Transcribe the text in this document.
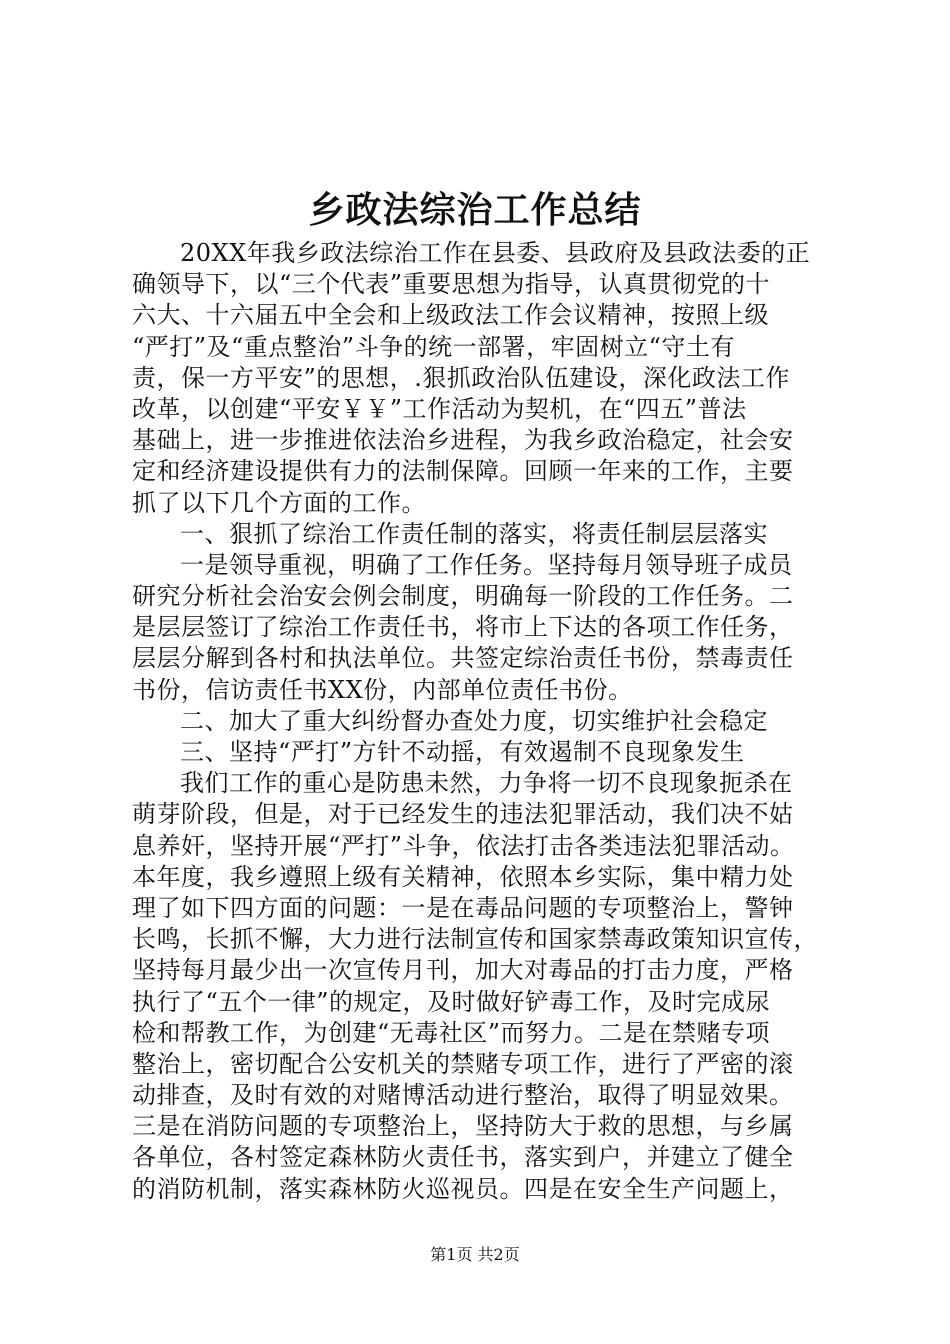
乡政法综治工作总结
20XX年我乡政法综治工作在县委、县政府及县政法委的正
确领导下，以“三个代表”重要思想为指导，认真贯彻党的十
六大、十六届五中全会和上级政法工作会议精神，按照上级
“严打”及“重点整治”斗争的统一部署，牢固树立“守土有
责，保一方平安”的思想，.狠抓政治队伍建设，深化政法工作
改革，以创建“平安￥￥”工作活动为契机，在“四五”普法
基础上，进一步推进依法治乡进程，为我乡政治稳定，社会安
定和经济建设提供有力的法制保障。回顾一年来的工作，主要
抓了以下几个方面的工作。
一、狠抓了综治工作责任制的落实，将责任制层层落实
一是领导重视，明确了工作任务。坚持每月领导班子成员
研究分析社会治安会例会制度，明确每一阶段的工作任务。二
是层层签订了综治工作责任书，将市上下达的各项工作任务，
层层分解到各村和执法单位。共签定综治责任书份，禁毒责任
书份，信访责任书XX份，内部单位责任书份。
二、加大了重大纠纷督办查处力度，切实维护社会稳定
三、坚持“严打”方针不动摇，有效遏制不良现象发生
我们工作的重心是防患未然，力争将一切不良现象扼杀在
萌芽阶段，但是，对于已经发生的违法犯罪活动，我们决不姑
息养奸，坚持开展“严打”斗争，依法打击各类违法犯罪活动。
本年度，我乡遵照上级有关精神，依照本乡实际，集中精力处
理了如下四方面的问题：一是在毒品问题的专项整治上，警钟
长鸣，长抓不懈，大力进行法制宣传和国家禁毒政策知识宣传，
坚持每月最少出一次宣传月刊，加大对毒品的打击力度，严格
执行了“五个一律”的规定，及时做好铲毒工作，及时完成尿
检和帮教工作，为创建“无毒社区”而努力。二是在禁赌专项
整治上，密切配合公安机关的禁赌专项工作，进行了严密的滚
动排查，及时有效的对赌博活动进行整治，取得了明显效果。
三是在消防问题的专项整治上，坚持防大于救的思想，与乡属
各单位，各村签定森林防火责任书，落实到户，并建立了健全
的消防机制，落实森林防火巡视员。四是在安全生产问题上，
第1页 共2页
